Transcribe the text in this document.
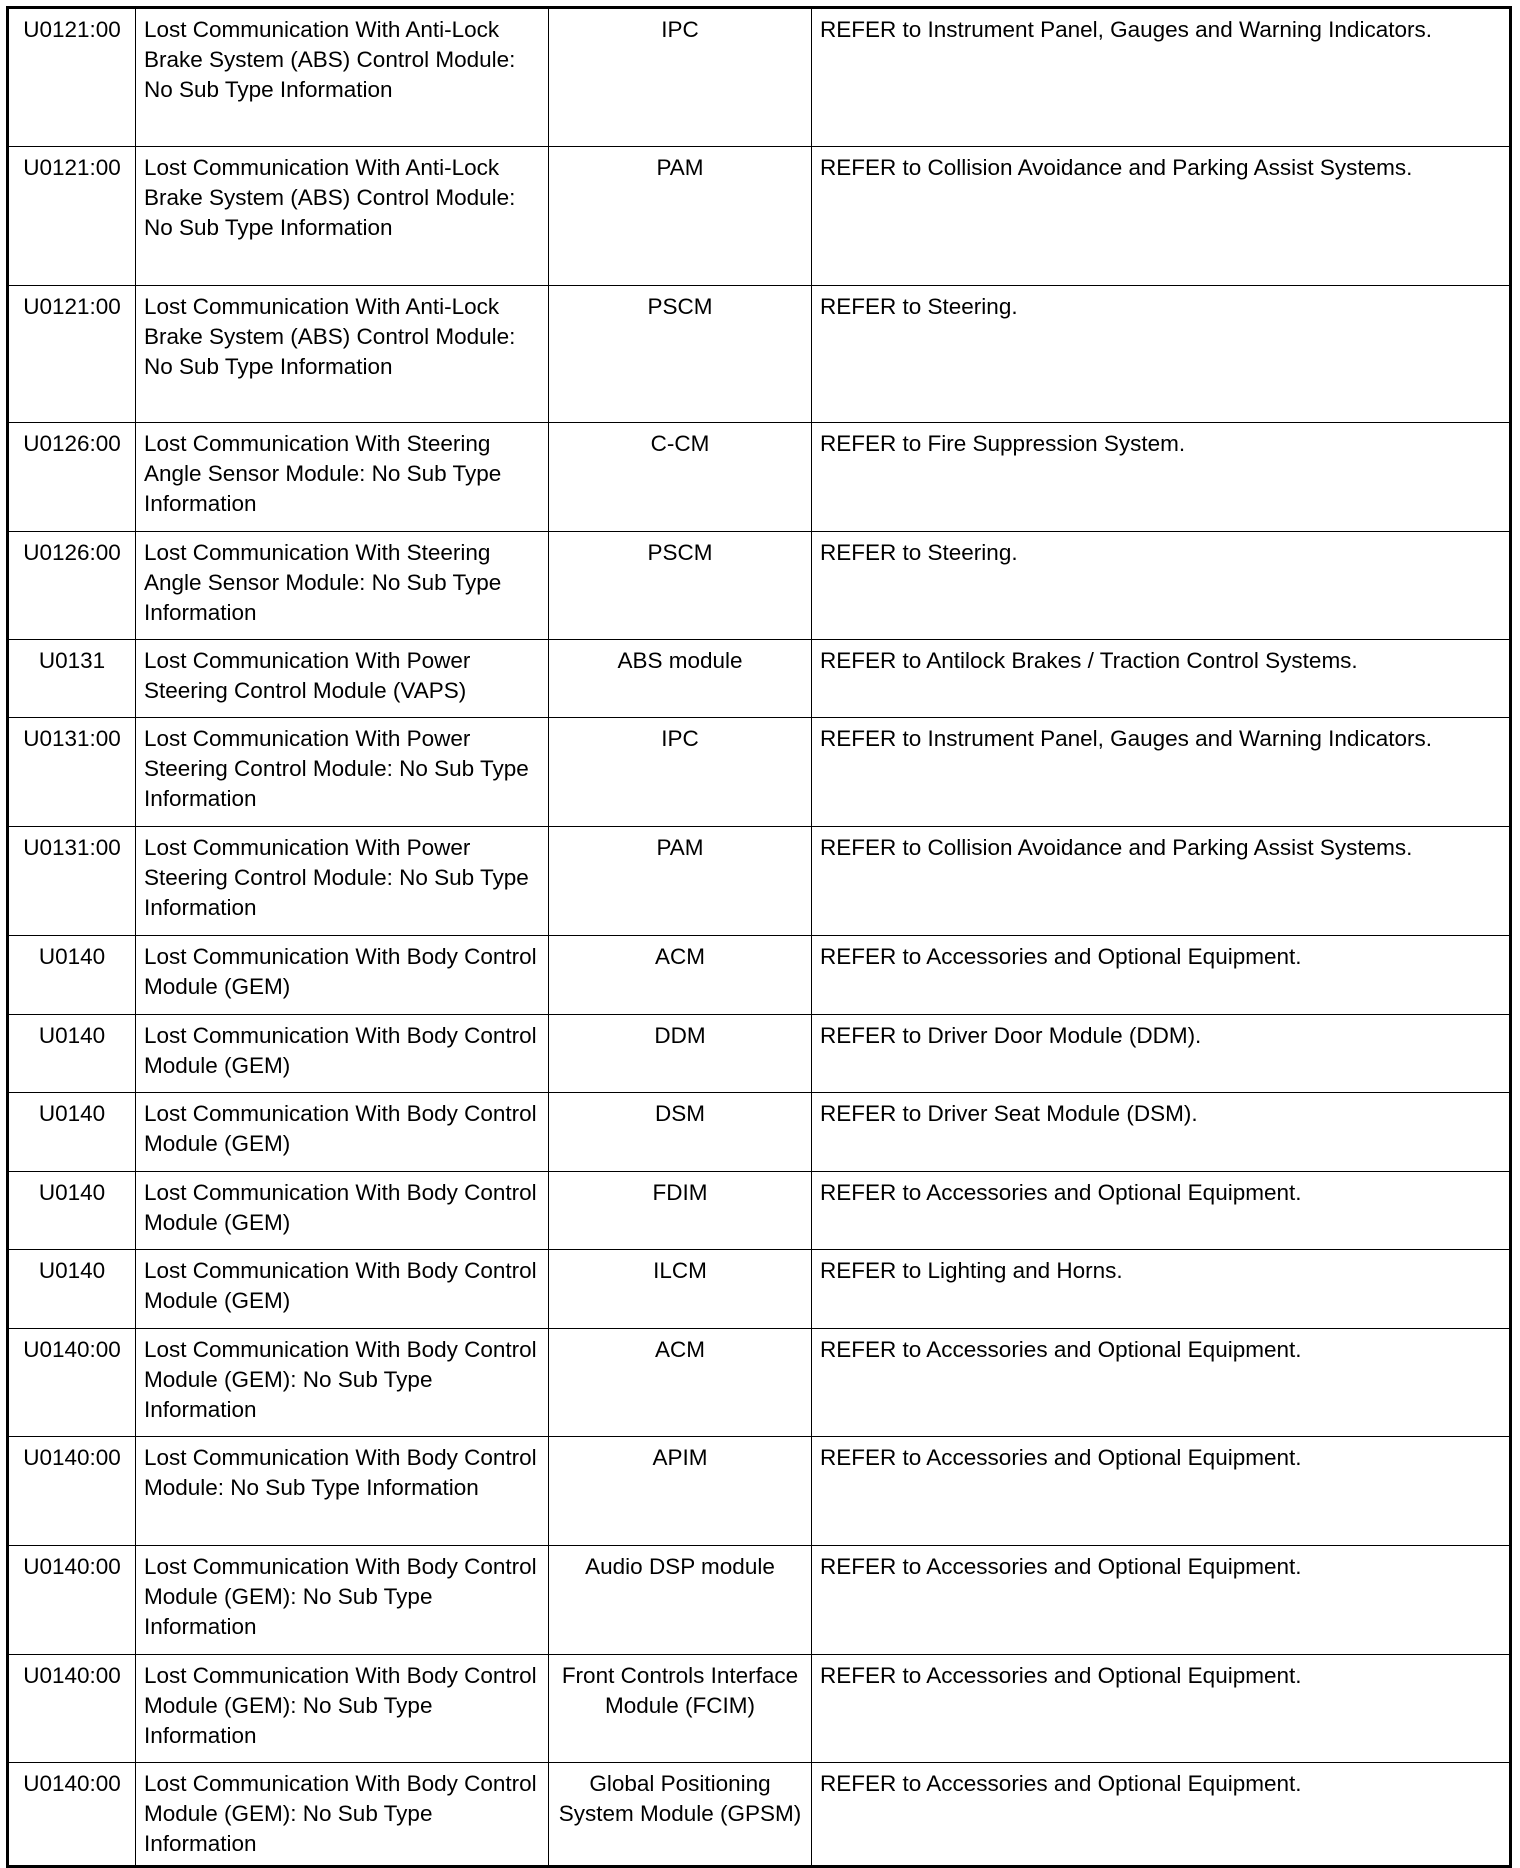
U0121:00	Lost Communication With Anti-Lock Brake System (ABS) Control Module: No Sub Type Information	IPC	REFER to Instrument Panel, Gauges and Warning Indicators.
U0121:00	Lost Communication With Anti-Lock Brake System (ABS) Control Module: No Sub Type Information	PAM	REFER to Collision Avoidance and Parking Assist Systems.
U0121:00	Lost Communication With Anti-Lock Brake System (ABS) Control Module: No Sub Type Information	PSCM	REFER to Steering.
U0126:00	Lost Communication With Steering Angle Sensor Module: No Sub Type Information	C-CM	REFER to Fire Suppression System.
U0126:00	Lost Communication With Steering Angle Sensor Module: No Sub Type Information	PSCM	REFER to Steering.
U0131	Lost Communication With Power Steering Control Module (VAPS)	ABS module	REFER to Antilock Brakes / Traction Control Systems.
U0131:00	Lost Communication With Power Steering Control Module: No Sub Type Information	IPC	REFER to Instrument Panel, Gauges and Warning Indicators.
U0131:00	Lost Communication With Power Steering Control Module: No Sub Type Information	PAM	REFER to Collision Avoidance and Parking Assist Systems.
U0140	Lost Communication With Body Control Module (GEM)	ACM	REFER to Accessories and Optional Equipment.
U0140	Lost Communication With Body Control Module (GEM)	DDM	REFER to Driver Door Module (DDM).
U0140	Lost Communication With Body Control Module (GEM)	DSM	REFER to Driver Seat Module (DSM).
U0140	Lost Communication With Body Control Module (GEM)	FDIM	REFER to Accessories and Optional Equipment.
U0140	Lost Communication With Body Control Module (GEM)	ILCM	REFER to Lighting and Horns.
U0140:00	Lost Communication With Body Control Module (GEM): No Sub Type Information	ACM	REFER to Accessories and Optional Equipment.
U0140:00	Lost Communication With Body Control Module: No Sub Type Information	APIM	REFER to Accessories and Optional Equipment.
U0140:00	Lost Communication With Body Control Module (GEM): No Sub Type Information	Audio DSP module	REFER to Accessories and Optional Equipment.
U0140:00	Lost Communication With Body Control Module (GEM): No Sub Type Information	Front Controls Interface Module (FCIM)	REFER to Accessories and Optional Equipment.
U0140:00	Lost Communication With Body Control Module (GEM): No Sub Type Information	Global Positioning System Module (GPSM)	REFER to Accessories and Optional Equipment.
